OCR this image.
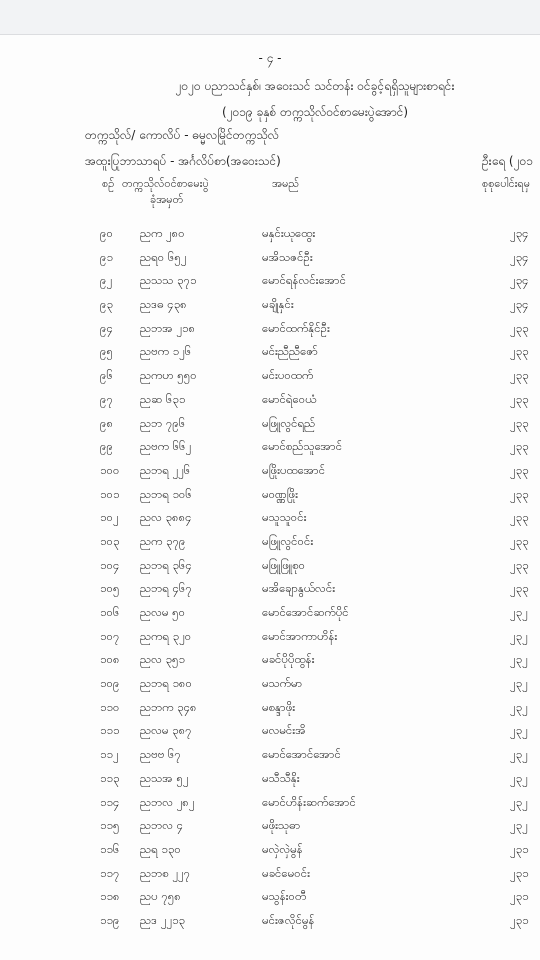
- ၄ -
၂၀၂၀ ပညာသင်နှစ်၊ အဝေးသင် သင်တန်း ဝင်ခွင့်ရရှိသူများစာရင်း
(၂၀၁၉ ခုနှစ် တက္ကသိုလ်ဝင်စာမေးပွဲအောင်)
တက္ကသိုလ်/ ကောလိပ် - ဓမ္မလမြိုင်တက္ကသိုလ်
အထူးပြုဘာသာရပ် - အင်္ဂလိပ်စာ(အဝေးသင်)	ဦးရေ (၂၀၁
စဉ် တက္ကသိုလ်ဝင်စာမေးပွဲ
ခုံအမှတ်
အမည်	စုစုပေါင်းရမှ
၉၀	ညက ၂၈၀	မနှင်းယုထွေး	၂၃၄
၉၁	ညရ၀ ၆၅၂	မအိသဇင်ဦး	၂၃၄
၉၂	ညသသ ၃၇၁	မောင်ရန်လင်းအောင်	၂၃၄
၉၃	ညဒဓ ၄၃၈	မချိုနှင်း	၂၃၄
၉၄	ညဘအ ၂၁၈	မောင်ထက်နိုင်ဦး	၂၃၃
၉၅	ညဗက ၁၂၆	မင်းညီညီဇော်	၂၃၃
၉၆	ညကဟ ၅၅၀	မင်းပဝထက်	၂၃၃
၉၇	ညဆ ၆၃၁	မောင်ရဲဝေယံ	၂၃၃
၉၈	ညဘ ၇၉၆	မဖြူလွင်ရည်	၂၃၃
၉၉	ညဗက ၆၆၂	မောင်စည်သူအောင်	၂၃၃
၁၀၀	ညဘရ ၂၂၆	မဖြိုးပထအောင်	၂၃၃
၁၀၁	ညဘရ ၁၀၆	မဝဏ္ဏဖြိုး	၂၃၃
၁၀၂	ညလ ၃၈၈၄	မသူသူဝင်း	၂၃၃
၁၀၃	ညက ၃၇၉	မဖြူလွင်ဝင်း	၂၃၃
၁၀၄	ညဘရ ၃၆၄	မဖြူဖြူစုဝ	၂၃၃
၁၀၅	ညဘရ ၄၆၇	မအိချောနွယ်လင်း	၂၃၃
၁၀၆	ညလမ ၅၀	မောင်အောင်ဆက်ပိုင်	၂၃၂
၁၀၇	ညကရ ၃၂၀	မောင်အာကာဟိန်း	၂၃၂
၁၀၈	ညလ ၃၅၁	မခင်ပိုပိုထွန်း	၂၃၂
၁၀၉	ညဘရ ၁၈၀	မသက်မာ	၂၃၂
၁၁၀	ညဘက ၃၄၈	မစန္ဒာဖိုး	၂၃၂
၁၁၁	ညလမ ၃၈၇	မလမင်းအိ	၂၃၂
၁၁၂	ညဗဗ ၆၇	မောင်အောင်အောင်	၂၃၂
၁၁၃	ညသအ ၅၂	မသီသီနိုး	၂၃၂
၁၁၄	ညဘလ ၂၈၂	မောင်ဟိန်းဆက်အောင်	၂၃၂
၁၁၅	ညဘလ ၄	မဖိုးသုဓာ	၂၃၂
၁၁၆	ညရ ၁၃၀	မလှဲလှဲမွန်	၂၃၁
၁၁၇	ညဘစ ၂၂၇	မခင်မေဝင်း	၂၃၁
၁၁၈	ညပ ၇၅၈	မသွန်းဝတီ	၂၃၁
၁၁၉	ညဒ ၂၂၁၃	မင်းဇလိုင်မွန်	၂၃၁
